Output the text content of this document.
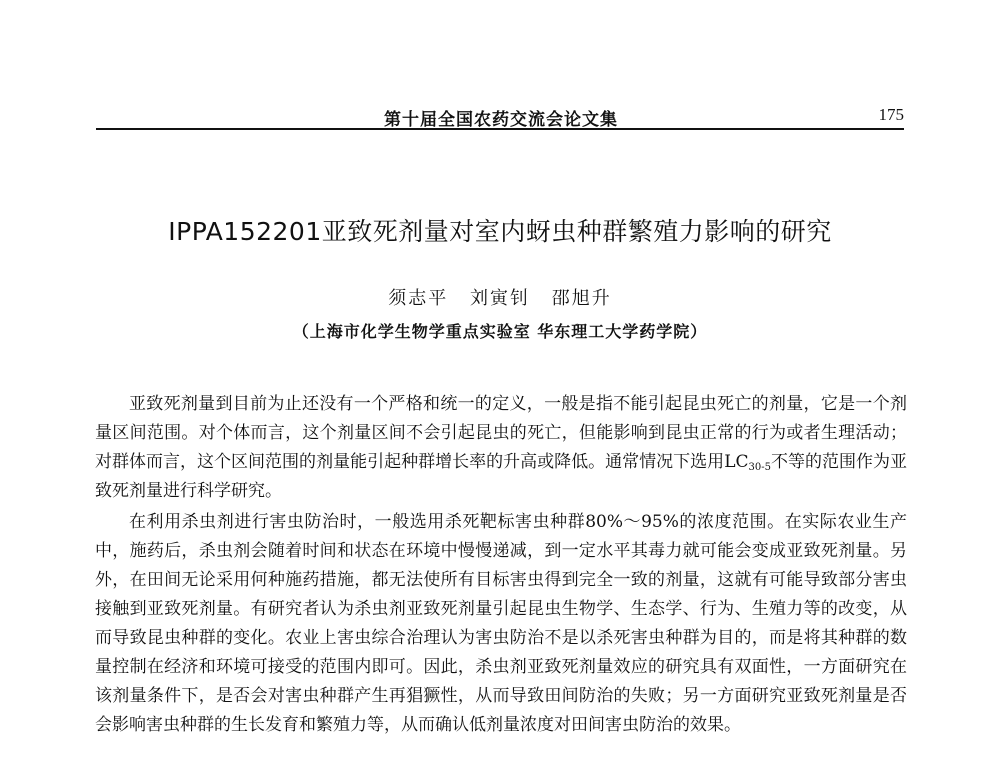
第十届全国农药交流会论文集	175
IPPA152201亚致死剂量对室内蚜虫种群繁殖力影响的研究
须志平 刘寅钊 邵旭升
（上海市化学生物学重点实验室 华东理工大学药学院）

亚致死剂量到目前为止还没有一个严格和统一的定义，一般是指不能引起昆虫死亡的剂量，它是一个剂量区间范围。对个体而言，这个剂量区间不会引起昆虫的死亡，但能影响到昆虫正常的行为或者生理活动；对群体而言，这个区间范围的剂量能引起种群增长率的升高或降低。通常情况下选用$LC_{30-5}$不等的范围作为亚致死剂量进行科学研究。

在利用杀虫剂进行害虫防治时，一般选用杀死靶标害虫种群80%～95%的浓度范围。在实际农业生产中，施药后，杀虫剂会随着时间和状态在环境中慢慢递减，到一定水平其毒力就可能会变成亚致死剂量。另外，在田间无论采用何种施药措施，都无法使所有目标害虫得到完全一致的剂量，这就有可能导致部分害虫接触到亚致死剂量。有研究者认为杀虫剂亚致死剂量引起昆虫生物学、生态学、行为、生殖力等的改变，从而导致昆虫种群的变化。农业上害虫综合治理认为害虫防治不是以杀死害虫种群为目的，而是将其种群的数量控制在经济和环境可接受的范围内即可。因此，杀虫剂亚致死剂量效应的研究具有双面性，一方面研究在该剂量条件下，是否会对害虫种群产生再猖獗性，从而导致田间防治的失败；另一方面研究亚致死剂量是否会影响害虫种群的生长发育和繁殖力等，从而确认低剂量浓度对田间害虫防治的效果。
